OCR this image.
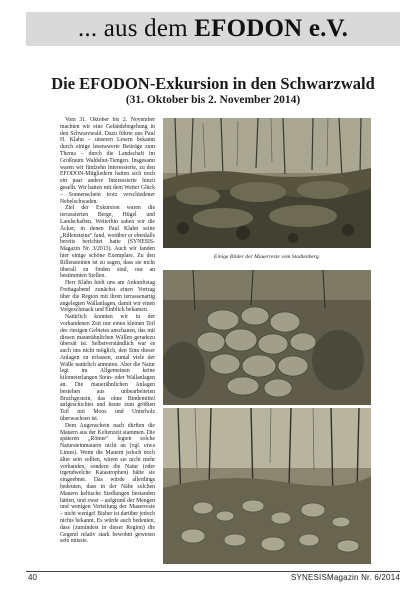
... aus dem EFODON e.V.
Die EFODON-Exkursion in den Schwarzwald
(31. Oktober bis 2. November 2014)

Vom 31. Oktober bis 2. November machten wir eine Geländebegehung in den Schwarzwald. Dazu führte uns Paul H. Klahn – unseren Lesern bekannt durch einige lesenswerte Beiträge zum Thema – durch die Landschaft im Großraum Waldshut-Tiengen. Insgesamt waren wir fünfzehn Interessierte, zu den EFODON-Mitgliedern hatten sich noch ein paar andere Interessierte hinzu gesellt. Wir hatten mit dem Wetter Glück – Sonnenschein trotz verschiedener Nebelschwaden.

Ziel der Exkursion waren die terrassierten Berge, Hügel und Landschaften. Weiterhin sahen wir die Äcker, in denen Paul Klahn seine „Rillensteine" fand, worüber er ebenfalls bereits berichtet hatte (SYNESIS-Magazin Nr. 3/2013). Auch wir fanden hier einige schöne Exemplare. Zu den Rillensteinen ist zu sagen, dass sie nicht überall zu finden sind, nur an bestimmten Stellen.

Herr Klahn hielt uns am Ankunftstag Freitagabend zunächst einen Vortrag über die Region mit ihren terrassenartig angelegten Wallanlagen, damit wir einen Vorgeschmack und Einblick bekamen.

Natürlich konnten wir in der vorhandenen Zeit nur einen kleinen Teil des riesigen Gebietes anschauen, das mit diesen mauerähnlichen Wällen geradezu übersät ist. Selbstverständlich war es auch uns nicht möglich, den Sinn dieser Anlagen zu erfassen, zumal viele der Wälle natürlich anmuten. Aber die Natur legt im Allgemeinen keine kilometerlangen Stein- oder Wallanlagen an. Die mauerähnlichen Anlagen bestehen aus unbearbeiteten Bruchgestein, das ohne Bindemittel aufgeschichtet und heute zum größten Teil mit Moos und Unterholz überwachsen ist.

Dem Augenschein nach dürften die Mauern aus der Keltenzeit stammen. Die späteren „Römer" legten solche Natursteinmauern nicht an (vgl. etwa Limes). Wenn die Mauern jedoch noch älter sein sollten, wären sie nicht mehr vorhanden, sondern die Natur (oder irgendwelche Katastrophen) hätte sie eingeebnet. Das würde allerdings bedeuten, dass in der Nähe solchen Mauern keltische Siedlungen bestanden hätten, und zwar – aufgrund der Mengen und wenigen Verteilung der Mauerreste – nicht wenige! Bisher ist darüber jedoch nichts bekannt. Es würde auch bedeuten, dass (zumindest in dieser Region) die Gegend relativ stark bewohnt gewesen sein müsste.

Einige Bilder der Mauerreste vom Stadtenberg.
40	SYNESISMagazin Nr. 6/2014
